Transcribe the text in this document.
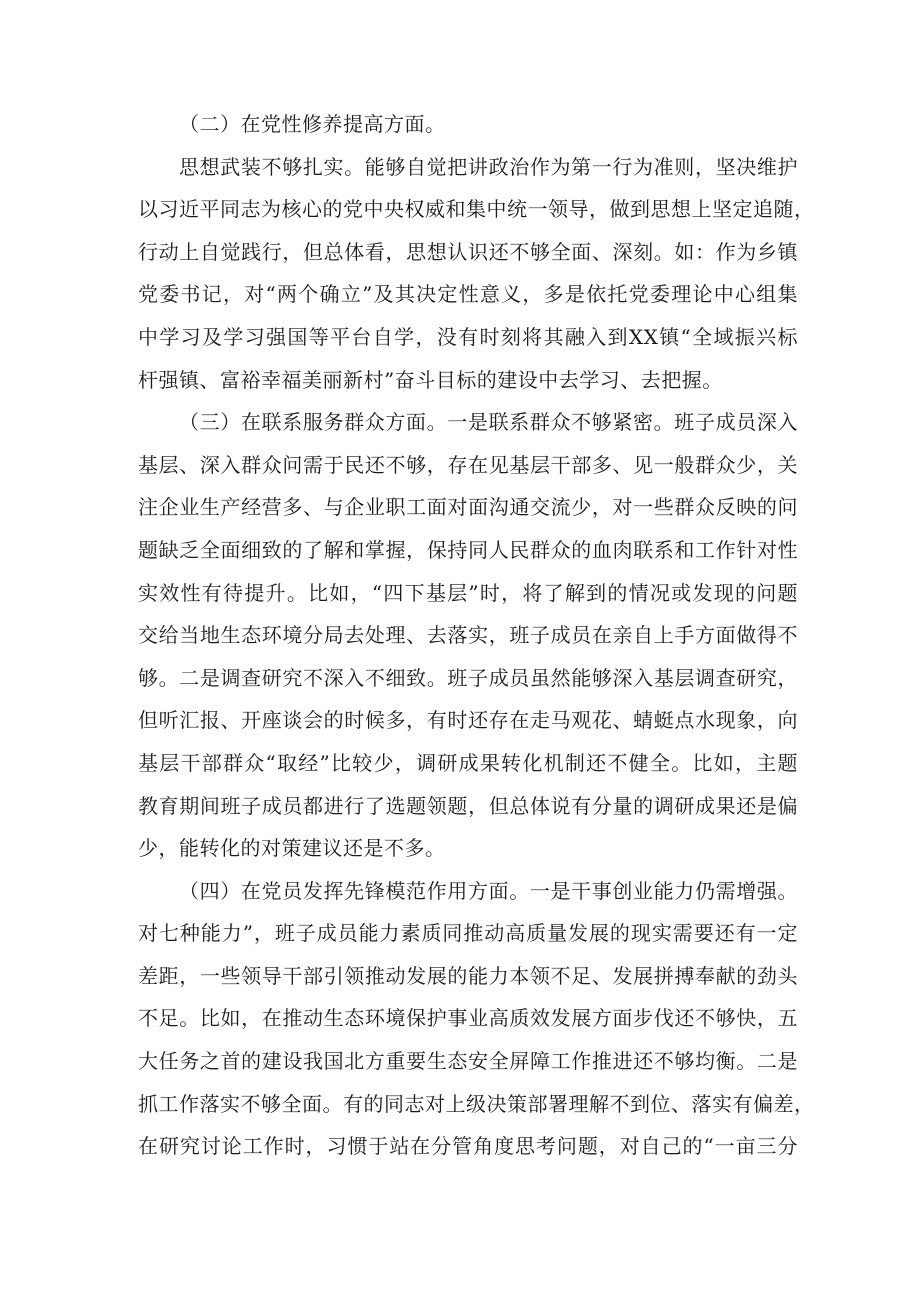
（二）在党性修养提高方面。
思想武装不够扎实。能够自觉把讲政治作为第一行为准则，坚决维护
以习近平同志为核心的党中央权威和集中统一领导，做到思想上坚定追随，
行动上自觉践行，但总体看，思想认识还不够全面、深刻。如：作为乡镇
党委书记，对“两个确立”及其决定性意义，多是依托党委理论中心组集
中学习及学习强国等平台自学，没有时刻将其融入到XX镇“全域振兴标
杆强镇、富裕幸福美丽新村”奋斗目标的建设中去学习、去把握。
（三）在联系服务群众方面。一是联系群众不够紧密。班子成员深入
基层、深入群众问需于民还不够，存在见基层干部多、见一般群众少，关
注企业生产经营多、与企业职工面对面沟通交流少，对一些群众反映的问
题缺乏全面细致的了解和掌握，保持同人民群众的血肉联系和工作针对性
实效性有待提升。比如，“四下基层”时，将了解到的情况或发现的问题
交给当地生态环境分局去处理、去落实，班子成员在亲自上手方面做得不
够。二是调查研究不深入不细致。班子成员虽然能够深入基层调查研究，
但听汇报、开座谈会的时候多，有时还存在走马观花、蜻蜓点水现象，向
基层干部群众“取经”比较少，调研成果转化机制还不健全。比如，主题
教育期间班子成员都进行了选题领题，但总体说有分量的调研成果还是偏
少，能转化的对策建议还是不多。
（四）在党员发挥先锋模范作用方面。一是干事创业能力仍需增强。
对七种能力”，班子成员能力素质同推动高质量发展的现实需要还有一定
差距，一些领导干部引领推动发展的能力本领不足、发展拼搏奉献的劲头
不足。比如，在推动生态环境保护事业高质效发展方面步伐还不够快，五
大任务之首的建设我国北方重要生态安全屏障工作推进还不够均衡。二是
抓工作落实不够全面。有的同志对上级决策部署理解不到位、落实有偏差，
在研究讨论工作时，习惯于站在分管角度思考问题，对自己的“一亩三分
